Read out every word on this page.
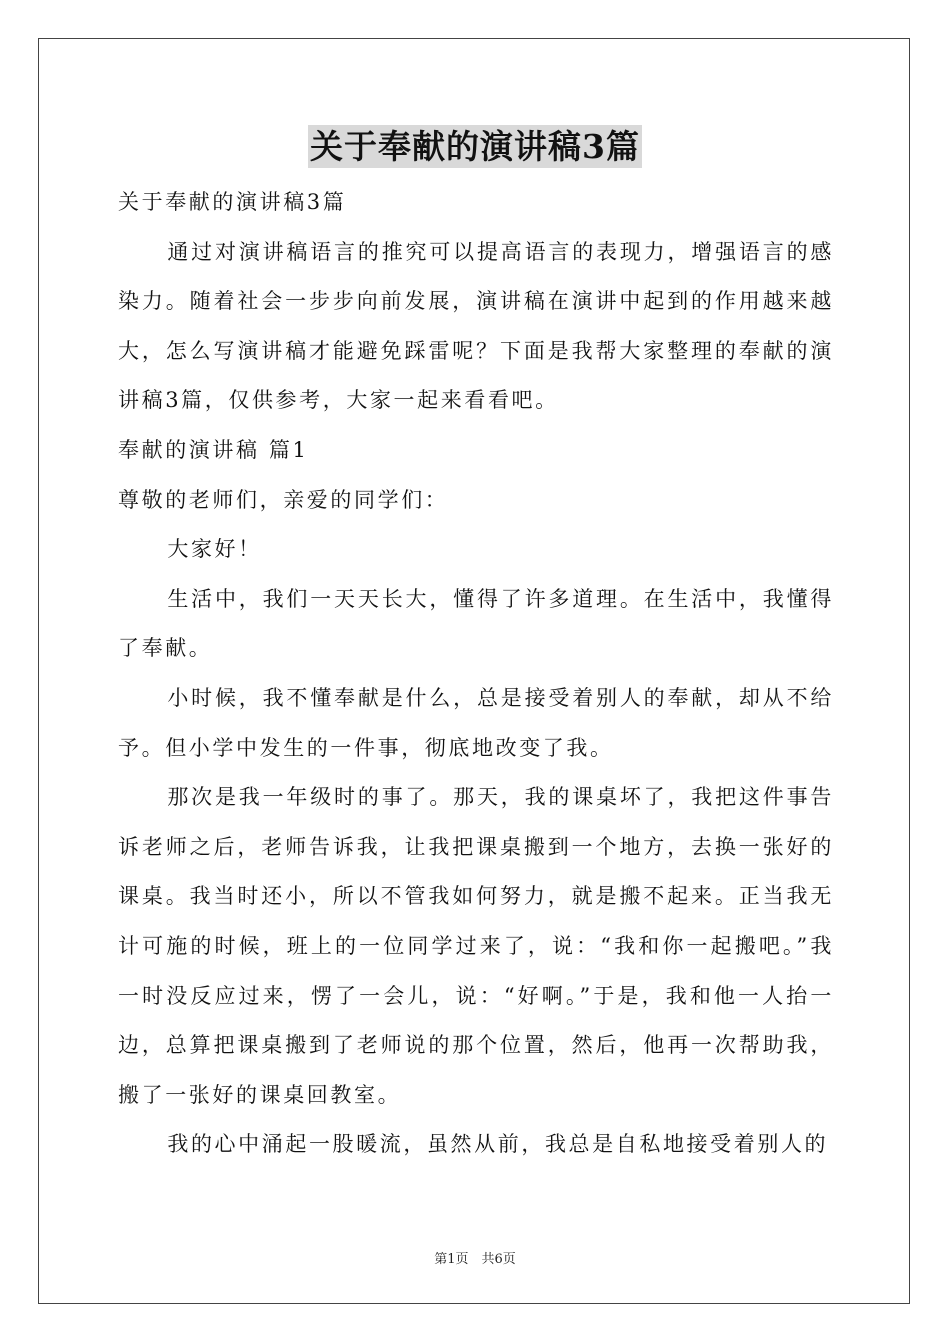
关于奉献的演讲稿3篇

关于奉献的演讲稿3篇

通过对演讲稿语言的推究可以提高语言的表现力，增强语言的感染力。随着社会一步步向前发展，演讲稿在演讲中起到的作用越来越大，怎么写演讲稿才能避免踩雷呢？下面是我帮大家整理的奉献的演讲稿3篇，仅供参考，大家一起来看看吧。

奉献的演讲稿 篇1

尊敬的老师们，亲爱的同学们：

大家好！

生活中，我们一天天长大，懂得了许多道理。在生活中，我懂得了奉献。

小时候，我不懂奉献是什么，总是接受着别人的奉献，却从不给予。但小学中发生的一件事，彻底地改变了我。

那次是我一年级时的事了。那天，我的课桌坏了，我把这件事告诉老师之后，老师告诉我，让我把课桌搬到一个地方，去换一张好的课桌。我当时还小，所以不管我如何努力，就是搬不起来。正当我无计可施的时候，班上的一位同学过来了，说：“我和你一起搬吧。”我一时没反应过来，愣了一会儿，说：“好啊。”于是，我和他一人抬一边，总算把课桌搬到了老师说的那个位置，然后，他再一次帮助我，搬了一张好的课桌回教室。

我的心中涌起一股暖流，虽然从前，我总是自私地接受着别人的

第1页　共6页
